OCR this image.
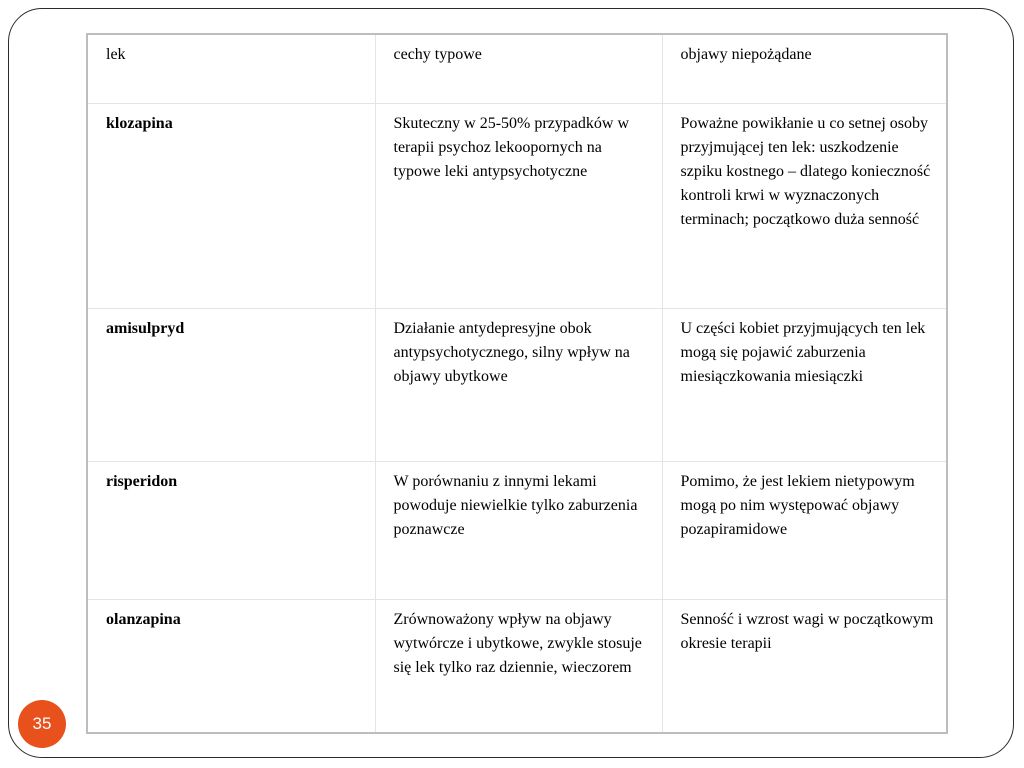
lek	cechy typowe	objawy niepożądane
klozapina	Skuteczny w 25-50% przypadków w terapii psychoz lekoopornych na typowe leki antypsychotyczne	Poważne powikłanie u co setnej osoby przyjmującej ten lek: uszkodzenie szpiku kostnego – dlatego konieczność kontroli krwi w wyznaczonych terminach; początkowo duża senność
amisulpryd	Działanie antydepresyjne obok antypsychotycznego, silny wpływ na objawy ubytkowe	U części kobiet przyjmujących ten lek mogą się pojawić zaburzenia miesiączkowania miesiączki
risperidon	W porównaniu z innymi lekami powoduje niewielkie tylko zaburzenia poznawcze	Pomimo, że jest lekiem nietypowym mogą po nim występować objawy pozapiramidowe
olanzapina	Zrównoważony wpływ na objawy wytwórcze i ubytkowe, zwykle stosuje się lek tylko raz dziennie, wieczorem	Senność i wzrost wagi w początkowym okresie terapii
35
